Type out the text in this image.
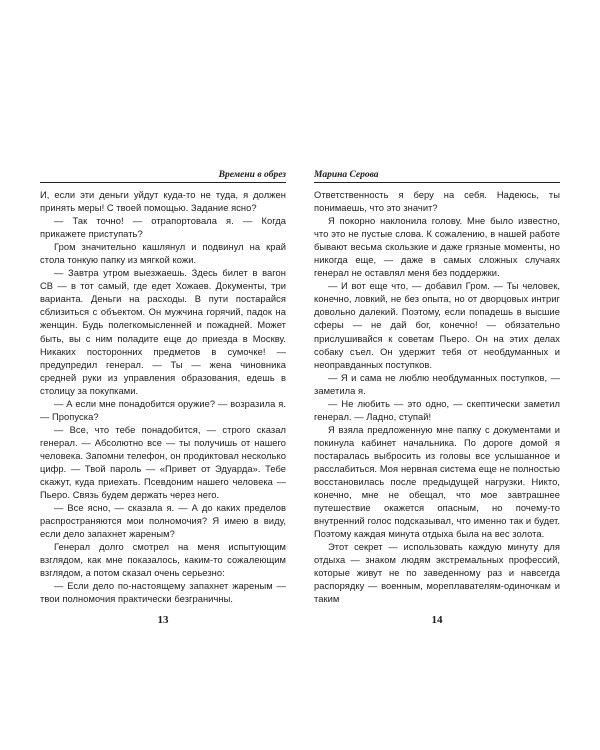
Времени в обрез

И, если эти деньги уйдут куда-то не туда, я должен принять меры! С твоей помощью. Задание ясно?

— Так точно! — отрапортовала я. — Когда прикажете приступать?

Гром значительно кашлянул и подвинул на край стола тонкую папку из мягкой кожи.

— Завтра утром выезжаешь. Здесь билет в вагон СВ — в тот самый, где едет Хожаев. Документы, три варианта. Деньги на расходы. В пути постарайся сблизиться с объектом. Он мужчина горячий, падок на женщин. Будь полегкомысленней и пожадней. Может быть, вы с ним поладите еще до приезда в Москву. Никаких посторонних предметов в сумочке! — предупредил генерал. — Ты — жена чиновника средней руки из управления образования, едешь в столицу за покупками.

— А если мне понадобится оружие? — возразила я. — Пропуска?

— Все, что тебе понадобится, — строго сказал генерал. — Абсолютно все — ты получишь от нашего человека. Запомни телефон, он продиктовал несколько цифр. — Твой пароль — «Привет от Эдуарда». Тебе скажут, куда приехать. Псевдоним нашего человека — Пьеро. Связь будем держать через него.

— Все ясно, — сказала я. — А до каких пределов распространяются мои полномочия? Я имею в виду, если дело запахнет жареным?

Генерал долго смотрел на меня испытующим взглядом, как мне показалось, каким-то сожалеющим взглядом, а потом сказал очень серьезно:

— Если дело по-настоящему запахнет жареным — твои полномочия практически безграничны.

13
Марина Серова

Ответственность я беру на себя. Надеюсь, ты понимаешь, что это значит?

Я покорно наклонила голову. Мне было известно, что это не пустые слова. К сожалению, в нашей работе бывают весьма скользкие и даже грязные моменты, но никогда еще, — даже в самых сложных случаях генерал не оставлял меня без поддержки.

— И вот еще что, — добавил Гром. — Ты человек, конечно, ловкий, не без опыта, но от дворцовых интриг довольно далекий. Поэтому, если попадешь в высшие сферы — не дай бог, конечно! — обязательно прислушивайся к советам Пьеро. Он на этих делах собаку съел. Он удержит тебя от необдуманных и неоправданных поступков.

— Я и сама не люблю необдуманных поступков, — заметила я.

— Не любить — это одно, — скептически заметил генерал. — Ладно, ступай!

Я взяла предложенную мне папку с документами и покинула кабинет начальника. По дороге домой я постаралась выбросить из головы все услышанное и расслабиться. Моя нервная система еще не полностью восстановилась после предыдущей нагрузки. Никто, конечно, мне не обещал, что мое завтрашнее путешествие окажется опасным, но почему-то внутренний голос подсказывал, что именно так и будет. Поэтому каждая минута отдыха была на вес золота.

Этот секрет — использовать каждую минуту для отдыха — знаком людям экстремальных профессий, которые живут не по заведенному раз и навсегда распорядку — военным, мореплавателям-одиночкам и таким

14
